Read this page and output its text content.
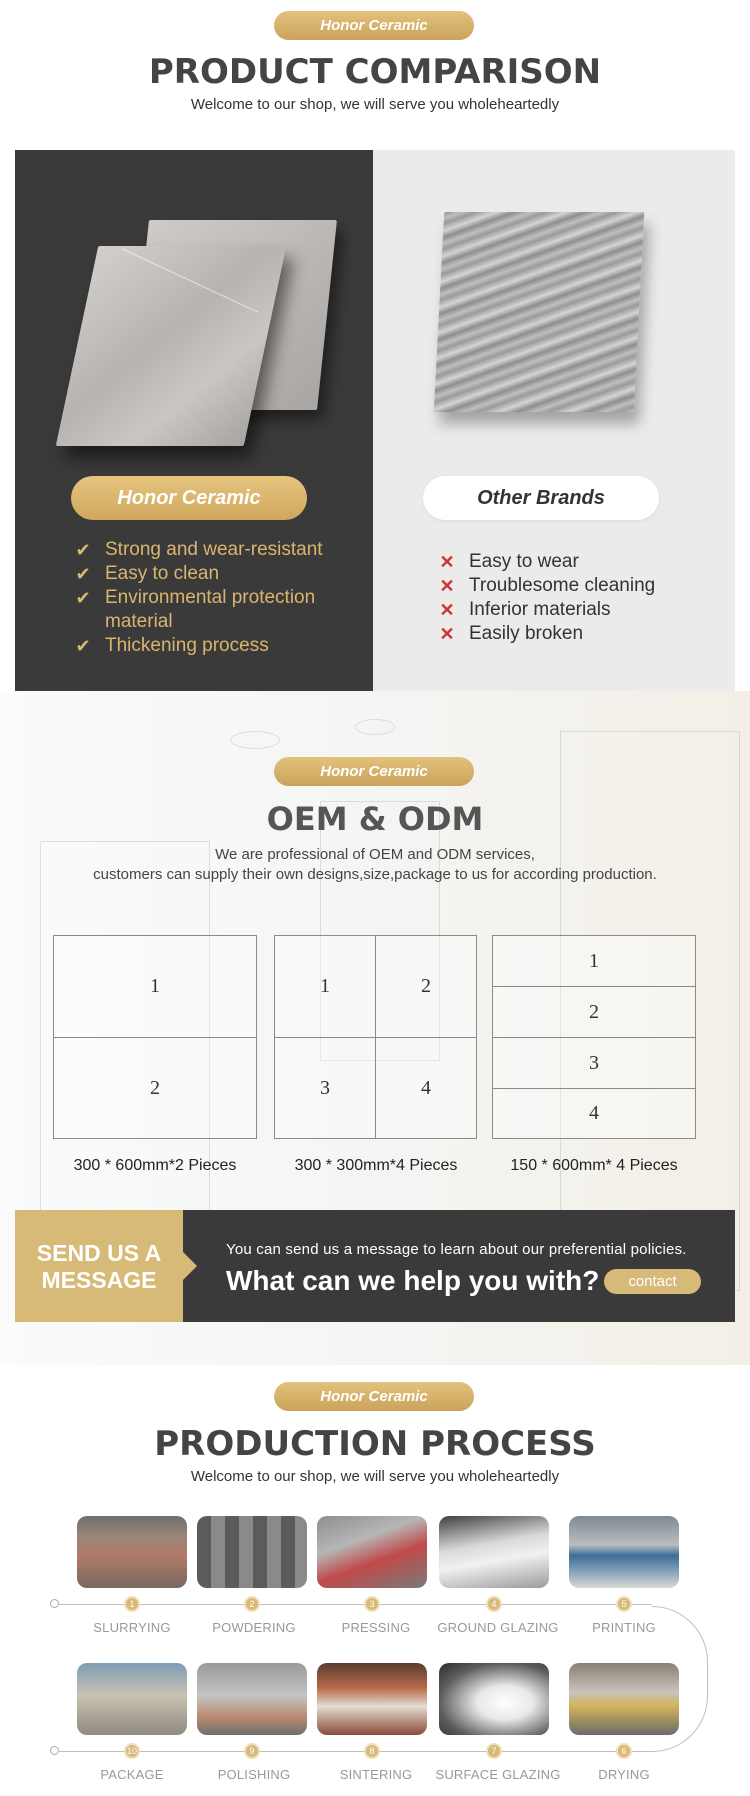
Honor Ceramic
PRODUCT COMPARISON
Welcome to our shop, we will serve you wholeheartedly
Honor Ceramic
✔ Strong and wear-resistant
✔ Easy to clean
✔ Environmental protection material
✔ Thickening process
Other Brands
✕ Easy to wear
✕ Troublesome cleaning
✕ Inferior materials
✕ Easily broken
Honor Ceramic
OEM & ODM
We are professional of OEM and ODM services,
customers can supply their own designs,size,package to us for according production.
1
2
300 * 600mm*2 Pieces
1	2
3	4
300 * 300mm*4 Pieces
1
2
3
4
150 * 600mm* 4 Pieces
SEND US A MESSAGE
You can send us a message to learn about our preferential policies.
What can we help you with?	contact
Honor Ceramic
PRODUCTION PROCESS
Welcome to our shop, we will serve you wholeheartedly
1	2	3	4	5
SLURRYING	POWDERING	PRESSING	GROUND GLAZING	PRINTING
10	9	8	7	6
PACKAGE	POLISHING	SINTERING	SURFACE GLAZING	DRYING
